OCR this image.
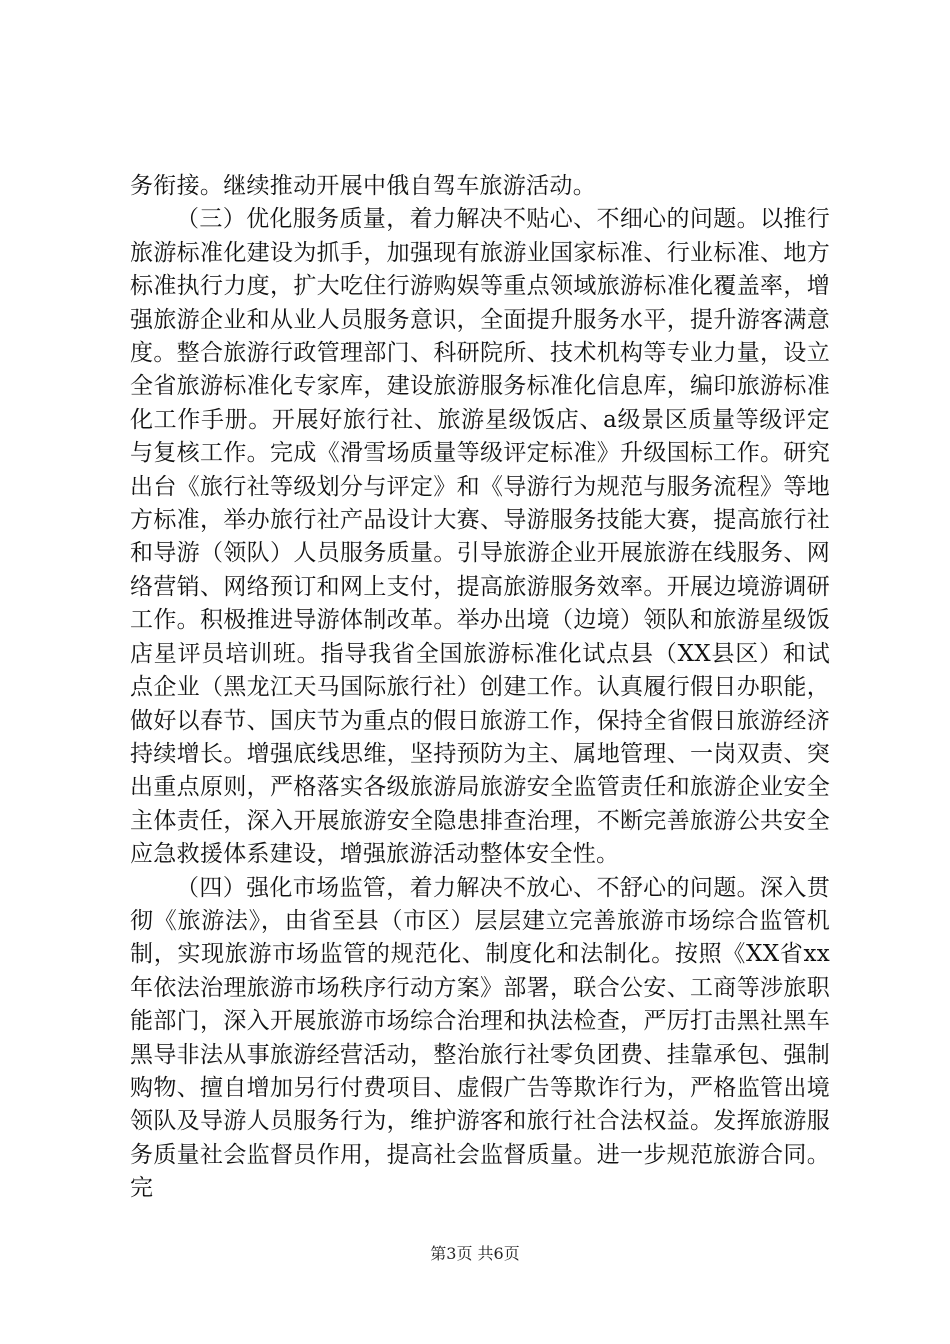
务衔接。继续推动开展中俄自驾车旅游活动。

（三）优化服务质量，着力解决不贴心、不细心的问题。以推行旅游标准化建设为抓手，加强现有旅游业国家标准、行业标准、地方标准执行力度，扩大吃住行游购娱等重点领域旅游标准化覆盖率，增强旅游企业和从业人员服务意识，全面提升服务水平，提升游客满意度。整合旅游行政管理部门、科研院所、技术机构等专业力量，设立全省旅游标准化专家库，建设旅游服务标准化信息库，编印旅游标准化工作手册。开展好旅行社、旅游星级饭店、a级景区质量等级评定与复核工作。完成《滑雪场质量等级评定标准》升级国标工作。研究出台《旅行社等级划分与评定》和《导游行为规范与服务流程》等地方标准，举办旅行社产品设计大赛、导游服务技能大赛，提高旅行社和导游（领队）人员服务质量。引导旅游企业开展旅游在线服务、网络营销、网络预订和网上支付，提高旅游服务效率。开展边境游调研工作。积极推进导游体制改革。举办出境（边境）领队和旅游星级饭店星评员培训班。指导我省全国旅游标准化试点县（XX县区）和试点企业（黑龙江天马国际旅行社）创建工作。认真履行假日办职能，做好以春节、国庆节为重点的假日旅游工作，保持全省假日旅游经济持续增长。增强底线思维，坚持预防为主、属地管理、一岗双责、突出重点原则，严格落实各级旅游局旅游安全监管责任和旅游企业安全主体责任，深入开展旅游安全隐患排查治理，不断完善旅游公共安全应急救援体系建设，增强旅游活动整体安全性。

（四）强化市场监管，着力解决不放心、不舒心的问题。深入贯彻《旅游法》，由省至县（市区）层层建立完善旅游市场综合监管机制，实现旅游市场监管的规范化、制度化和法制化。按照《XX省xx年依法治理旅游市场秩序行动方案》部署，联合公安、工商等涉旅职能部门，深入开展旅游市场综合治理和执法检查，严厉打击黑社黑车黑导非法从事旅游经营活动，整治旅行社零负团费、挂靠承包、强制购物、擅自增加另行付费项目、虚假广告等欺诈行为，严格监管出境领队及导游人员服务行为，维护游客和旅行社合法权益。发挥旅游服务质量社会监督员作用，提高社会监督质量。进一步规范旅游合同。完

第3页 共6页
